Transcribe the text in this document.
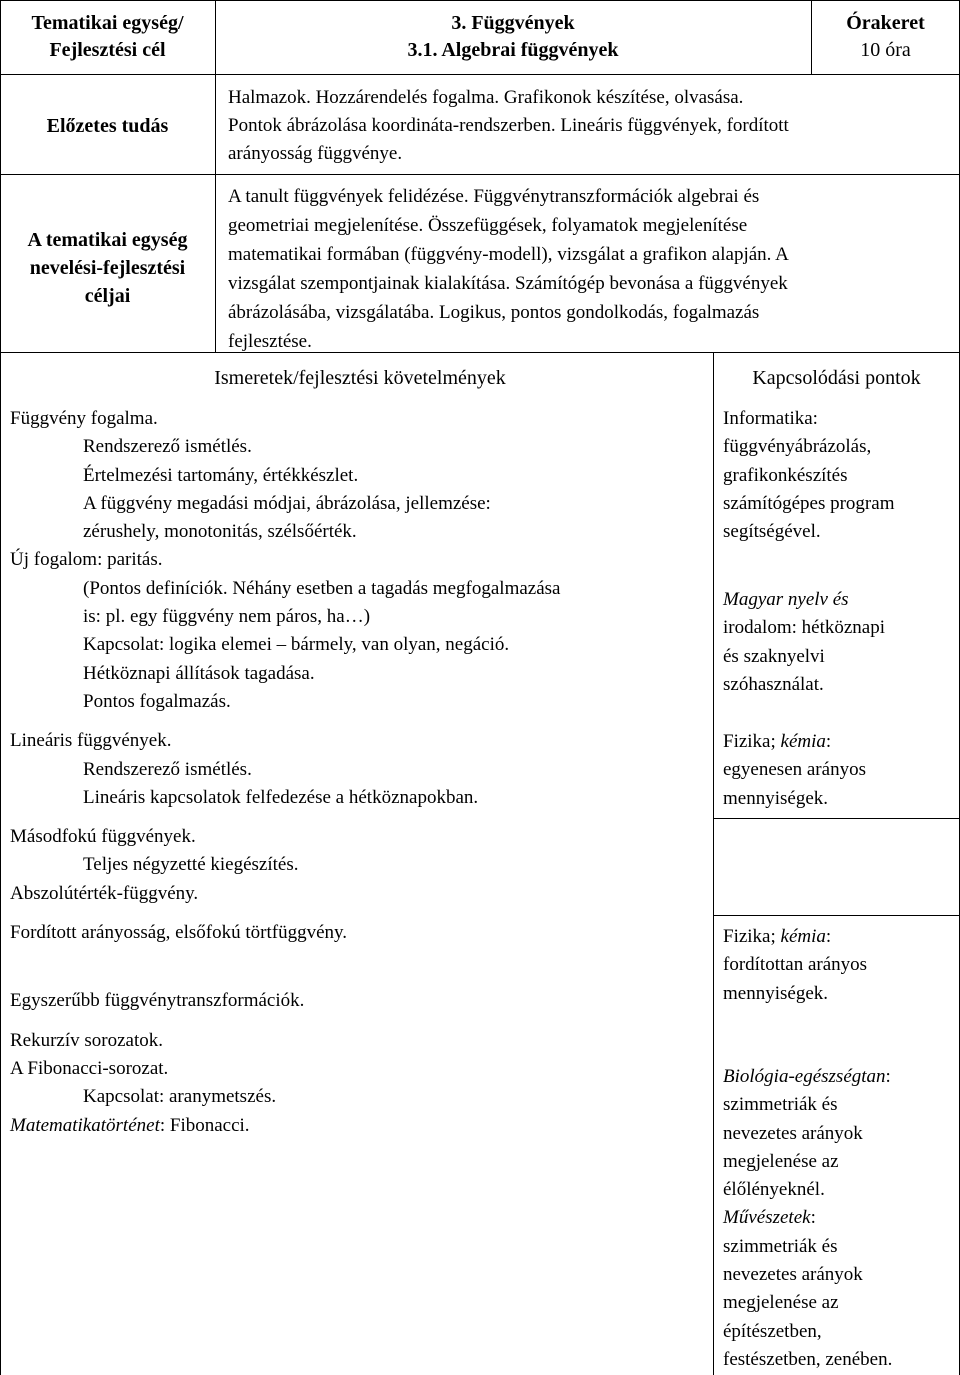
Tematikai egység/
Fejlesztési cél
3. Függvények
3.1. Algebrai függvények
Órakeret
10 óra
Előzetes tudás
Halmazok. Hozzárendelés fogalma. Grafikonok készítése, olvasása.
Pontok ábrázolása koordináta-rendszerben. Lineáris függvények, fordított
arányosság függvénye.
A tematikai egység
nevelési-fejlesztési
céljai
A tanult függvények felidézése. Függvénytranszformációk algebrai és
geometriai megjelenítése. Összefüggések, folyamatok megjelenítése
matematikai formában (függvény-modell), vizsgálat a grafikon alapján. A
vizsgálat szempontjainak kialakítása. Számítógép bevonása a függvények
ábrázolásába, vizsgálatába. Logikus, pontos gondolkodás, fogalmazás
fejlesztése.
Ismeretek/fejlesztési követelmények	Kapcsolódási pontok
Függvény fogalma.
Rendszerező ismétlés.
Értelmezési tartomány, értékkészlet.
A függvény megadási módjai, ábrázolása, jellemzése:
zérushely, monotonitás, szélsőérték.
Új fogalom: paritás.
(Pontos definíciók. Néhány esetben a tagadás megfogalmazása
is: pl. egy függvény nem páros, ha…)
Kapcsolat: logika elemei – bármely, van olyan, negáció.
Hétköznapi állítások tagadása.
Pontos fogalmazás.
Lineáris függvények.
Rendszerező ismétlés.
Lineáris kapcsolatok felfedezése a hétköznapokban.
Másodfokú függvények.
Teljes négyzetté kiegészítés.
Abszolútérték-függvény.
Fordított arányosság, elsőfokú törtfüggvény.
Egyszerűbb függvénytranszformációk.
Rekurzív sorozatok.
A Fibonacci-sorozat.
Kapcsolat: aranymetszés.
Matematikatörténet: Fibonacci.
Informatika:
függvényábrázolás,
grafikonkészítés
számítógépes program
segítségével.
Magyar nyelv és
irodalom: hétköznapi
és szaknyelvi
szóhasználat.
Fizika; kémia:
egyenesen arányos
mennyiségek.
Fizika; kémia:
fordítottan arányos
mennyiségek.
Biológia-egészségtan:
szimmetriák és
nevezetes arányok
megjelenése az
élőlényeknél.
Művészetek:
szimmetriák és
nevezetes arányok
megjelenése az
építészetben,
festészetben, zenében.
